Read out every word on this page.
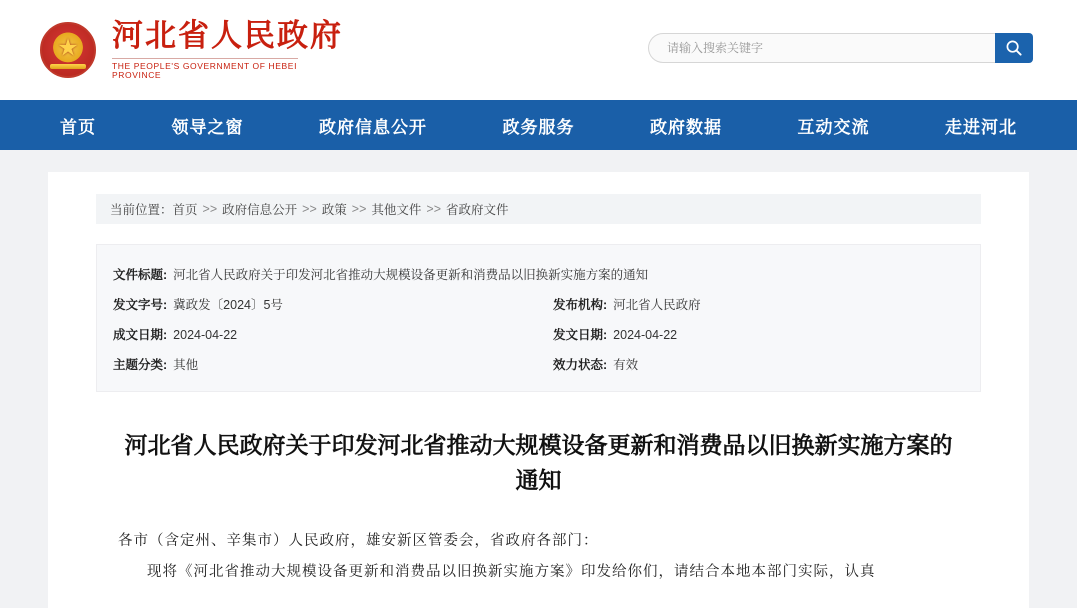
★
河北省人民政府
THE PEOPLE'S GOVERNMENT OF HEBEI PROVINCE
请输入搜索关键字
首页	领导之窗	政府信息公开	政务服务	政府数据	互动交流	走进河北
当前位置： 首页 >> 政府信息公开 >> 政策 >> 其他文件 >> 省政府文件
文件标题: 河北省人民政府关于印发河北省推动大规模设备更新和消费品以旧换新实施方案的通知
发文字号: 冀政发〔2024〕5号	发布机构: 河北省人民政府
成文日期: 2024-04-22	发文日期: 2024-04-22
主题分类: 其他	效力状态: 有效
河北省人民政府关于印发河北省推动大规模设备更新和消费品以旧换新实施方案的通知

各市（含定州、辛集市）人民政府，雄安新区管委会，省政府各部门：

现将《河北省推动大规模设备更新和消费品以旧换新实施方案》印发给你们，请结合本地本部门实际，认真
